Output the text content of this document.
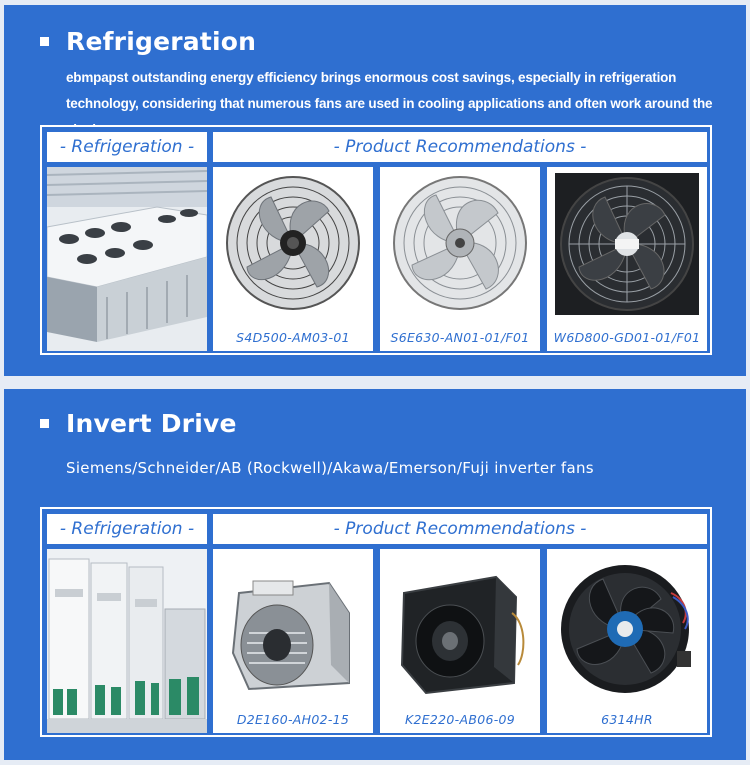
Refrigeration
ebmpapst outstanding energy efficiency brings enormous cost savings, especially in refrigeration technology, considering that numerous fans are used in cooling applications and often work around the
- Refrigeration -	- Product Recommendations -
S4D500-AM03-01	S6E630-AN01-01/F01	W6D800-GD01-01/F01
Invert Drive
Siemens/Schneider/AB (Rockwell)/Akawa/Emerson/Fuji inverter fans
- Refrigeration -	- Product Recommendations -
D2E160-AH02-15	K2E220-AB06-09	6314HR
